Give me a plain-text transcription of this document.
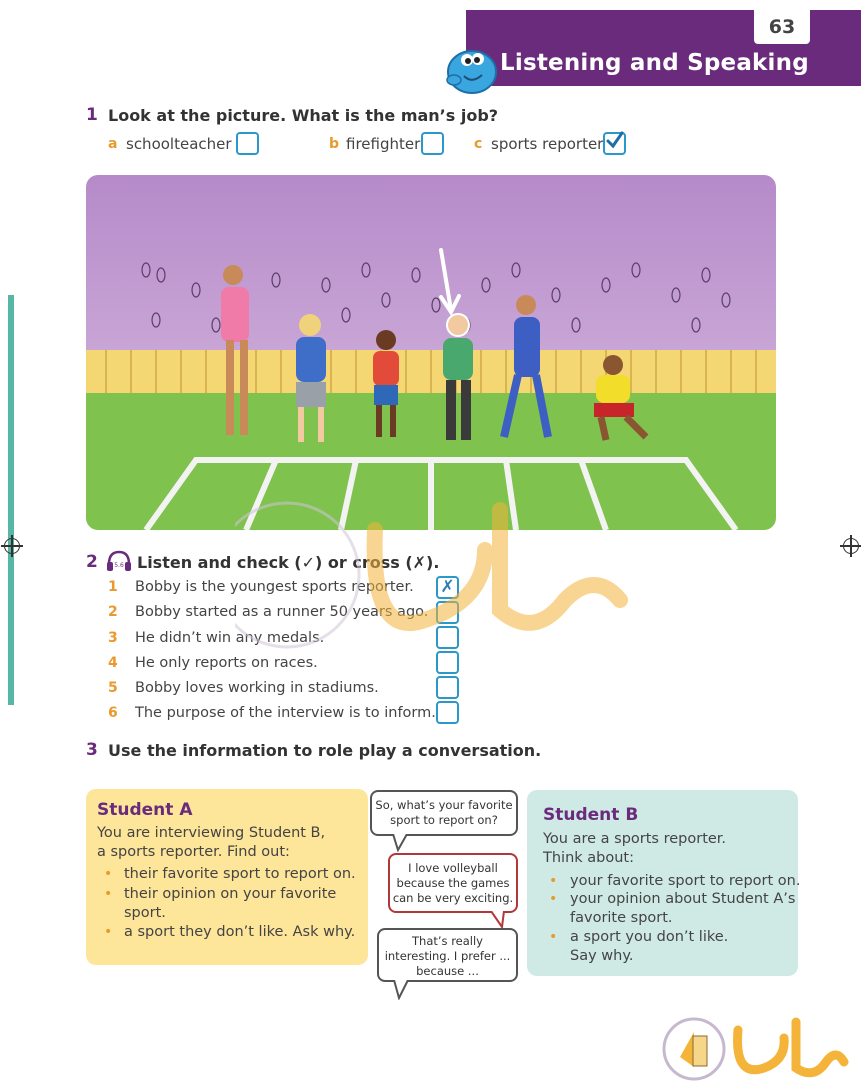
63
Listening and Speaking
1 Look at the picture. What is the man’s job?
a schoolteacher	b firefighter	c sports reporter
2	5.6 Listen and check (✓) or cross (✗).
1 Bobby is the youngest sports reporter. ✗
2 Bobby started as a runner 50 years ago.
3 He didn’t win any medals.
4 He only reports on races.
5 Bobby loves working in stadiums.
6 The purpose of the interview is to inform.
3 Use the information to role play a conversation.
Student A
You are interviewing Student B,
a sports reporter. Find out:
• their favorite sport to report on.
• their opinion on your favorite
sport.
• a sport they don’t like. Ask why.
So, what’s your favorite
sport to report on?
I love volleyball
because the games
can be very exciting.
That’s really
interesting. I prefer ...
because ...
Student B
You are a sports reporter.
Think about:
• your favorite sport to report on.
• your opinion about Student A’s
favorite sport.
• a sport you don’t like.
Say why.
